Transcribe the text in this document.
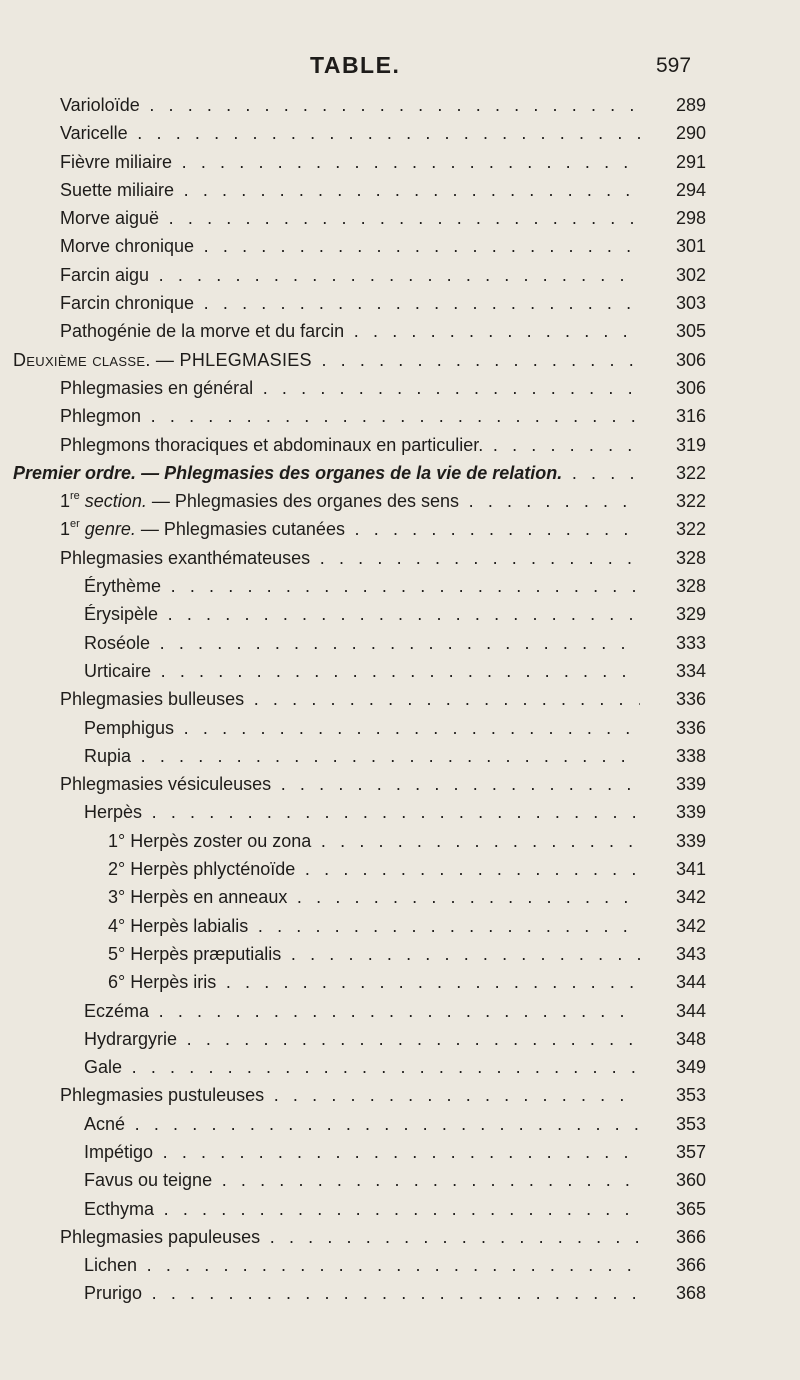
TABLE.	597
Varioloïde . . .	289
Varicelle . . .	290
Fièvre miliaire . . .	291
Suette miliaire . . .	294
Morve aiguë . . .	298
Morve chronique . . .	301
Farcin aigu . . .	302
Farcin chronique . . .	303
Pathogénie de la morve et du farcin . . .	305
Deuxième classe. — PHLEGMASIES . . .	306
Phlegmasies en général . . .	306
Phlegmon . . .	316
Phlegmons thoraciques et abdominaux en particulier. . . .	319
Premier ordre. — Phlegmasies des organes de la vie de relation. . . .	322
1re section. — Phlegmasies des organes des sens . . .	322
1er genre. — Phlegmasies cutanées . . .	322
Phlegmasies exanthémateuses . . .	328
Érythème . . .	328
Érysipèle . . .	329
Roséole . . .	333
Urticaire . . .	334
Phlegmasies bulleuses . . .	336
Pemphigus . . .	336
Rupia . . .	338
Phlegmasies vésiculeuses . . .	339
Herpès . . .	339
1° Herpès zoster ou zona . . .	339
2° Herpès phlycténoïde . . .	341
3° Herpès en anneaux . . .	342
4° Herpès labialis . . .	342
5° Herpès præputialis . . .	343
6° Herpès iris . . .	344
Eczéma . . .	344
Hydrargyrie . . .	348
Gale . . .	349
Phlegmasies pustuleuses . . .	353
Acné . . .	353
Impétigo . . .	357
Favus ou teigne . . .	360
Ecthyma . . .	365
Phlegmasies papuleuses . . .	366
Lichen . . .	366
Prurigo . . .	368
